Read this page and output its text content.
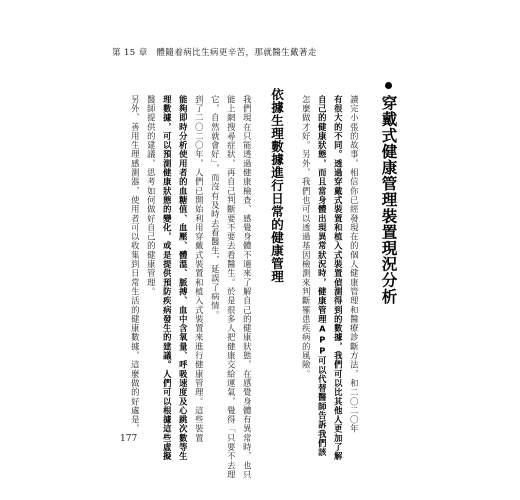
第 15 章　體隨着病比生病更辛苦，那就醫生戴著走
穿戴式健康管理裝置現況分析
讀完小張的故事，相信你已經發現在的個人健康管理和醫療診斷方法，和二〇二〇年
有很大的不同。透過穿戴式裝置和植入式裝置偵測得到的數據，我們可以比其他人更加了解
自己的健康狀態，而且當身體出現異常狀況時，健康管理APP可以代替醫師告訴我們該
怎麼做才好。另外，我們也可以透過基因檢測來判斷罹患疾病的風險。
依據生理數據進行日常的健康管理
我們現在只能透過健康檢查、感覺身體不適來了解自己的健康狀態，在感覺身體有異常時，也只
能上網搜尋症狀，再自己判斷要不要去看醫生。於是很多人把健康交給運氣，覺得「只要不去理
它，自然就會好」，而沒有及時去看醫生，延誤了病情。
到了二〇二〇年，人們已開始利用穿戴式裝置和植入式裝置來進行健康管理。這些裝置
能夠即時分析使用者的血糖值、血壓、體溫、脈搏、血中含氧量、呼吸速度及心跳次數等生
理數據，可以預測健康狀態的變化，或是提供預防疾病發生的建議。人們可以根據這些虛擬
醫師提供的建議，思考如何做好自己的健康管理。
另外，善用生理感測器，使用者可以收集到日常生活的健康數據，這麼做的好處是，
177
